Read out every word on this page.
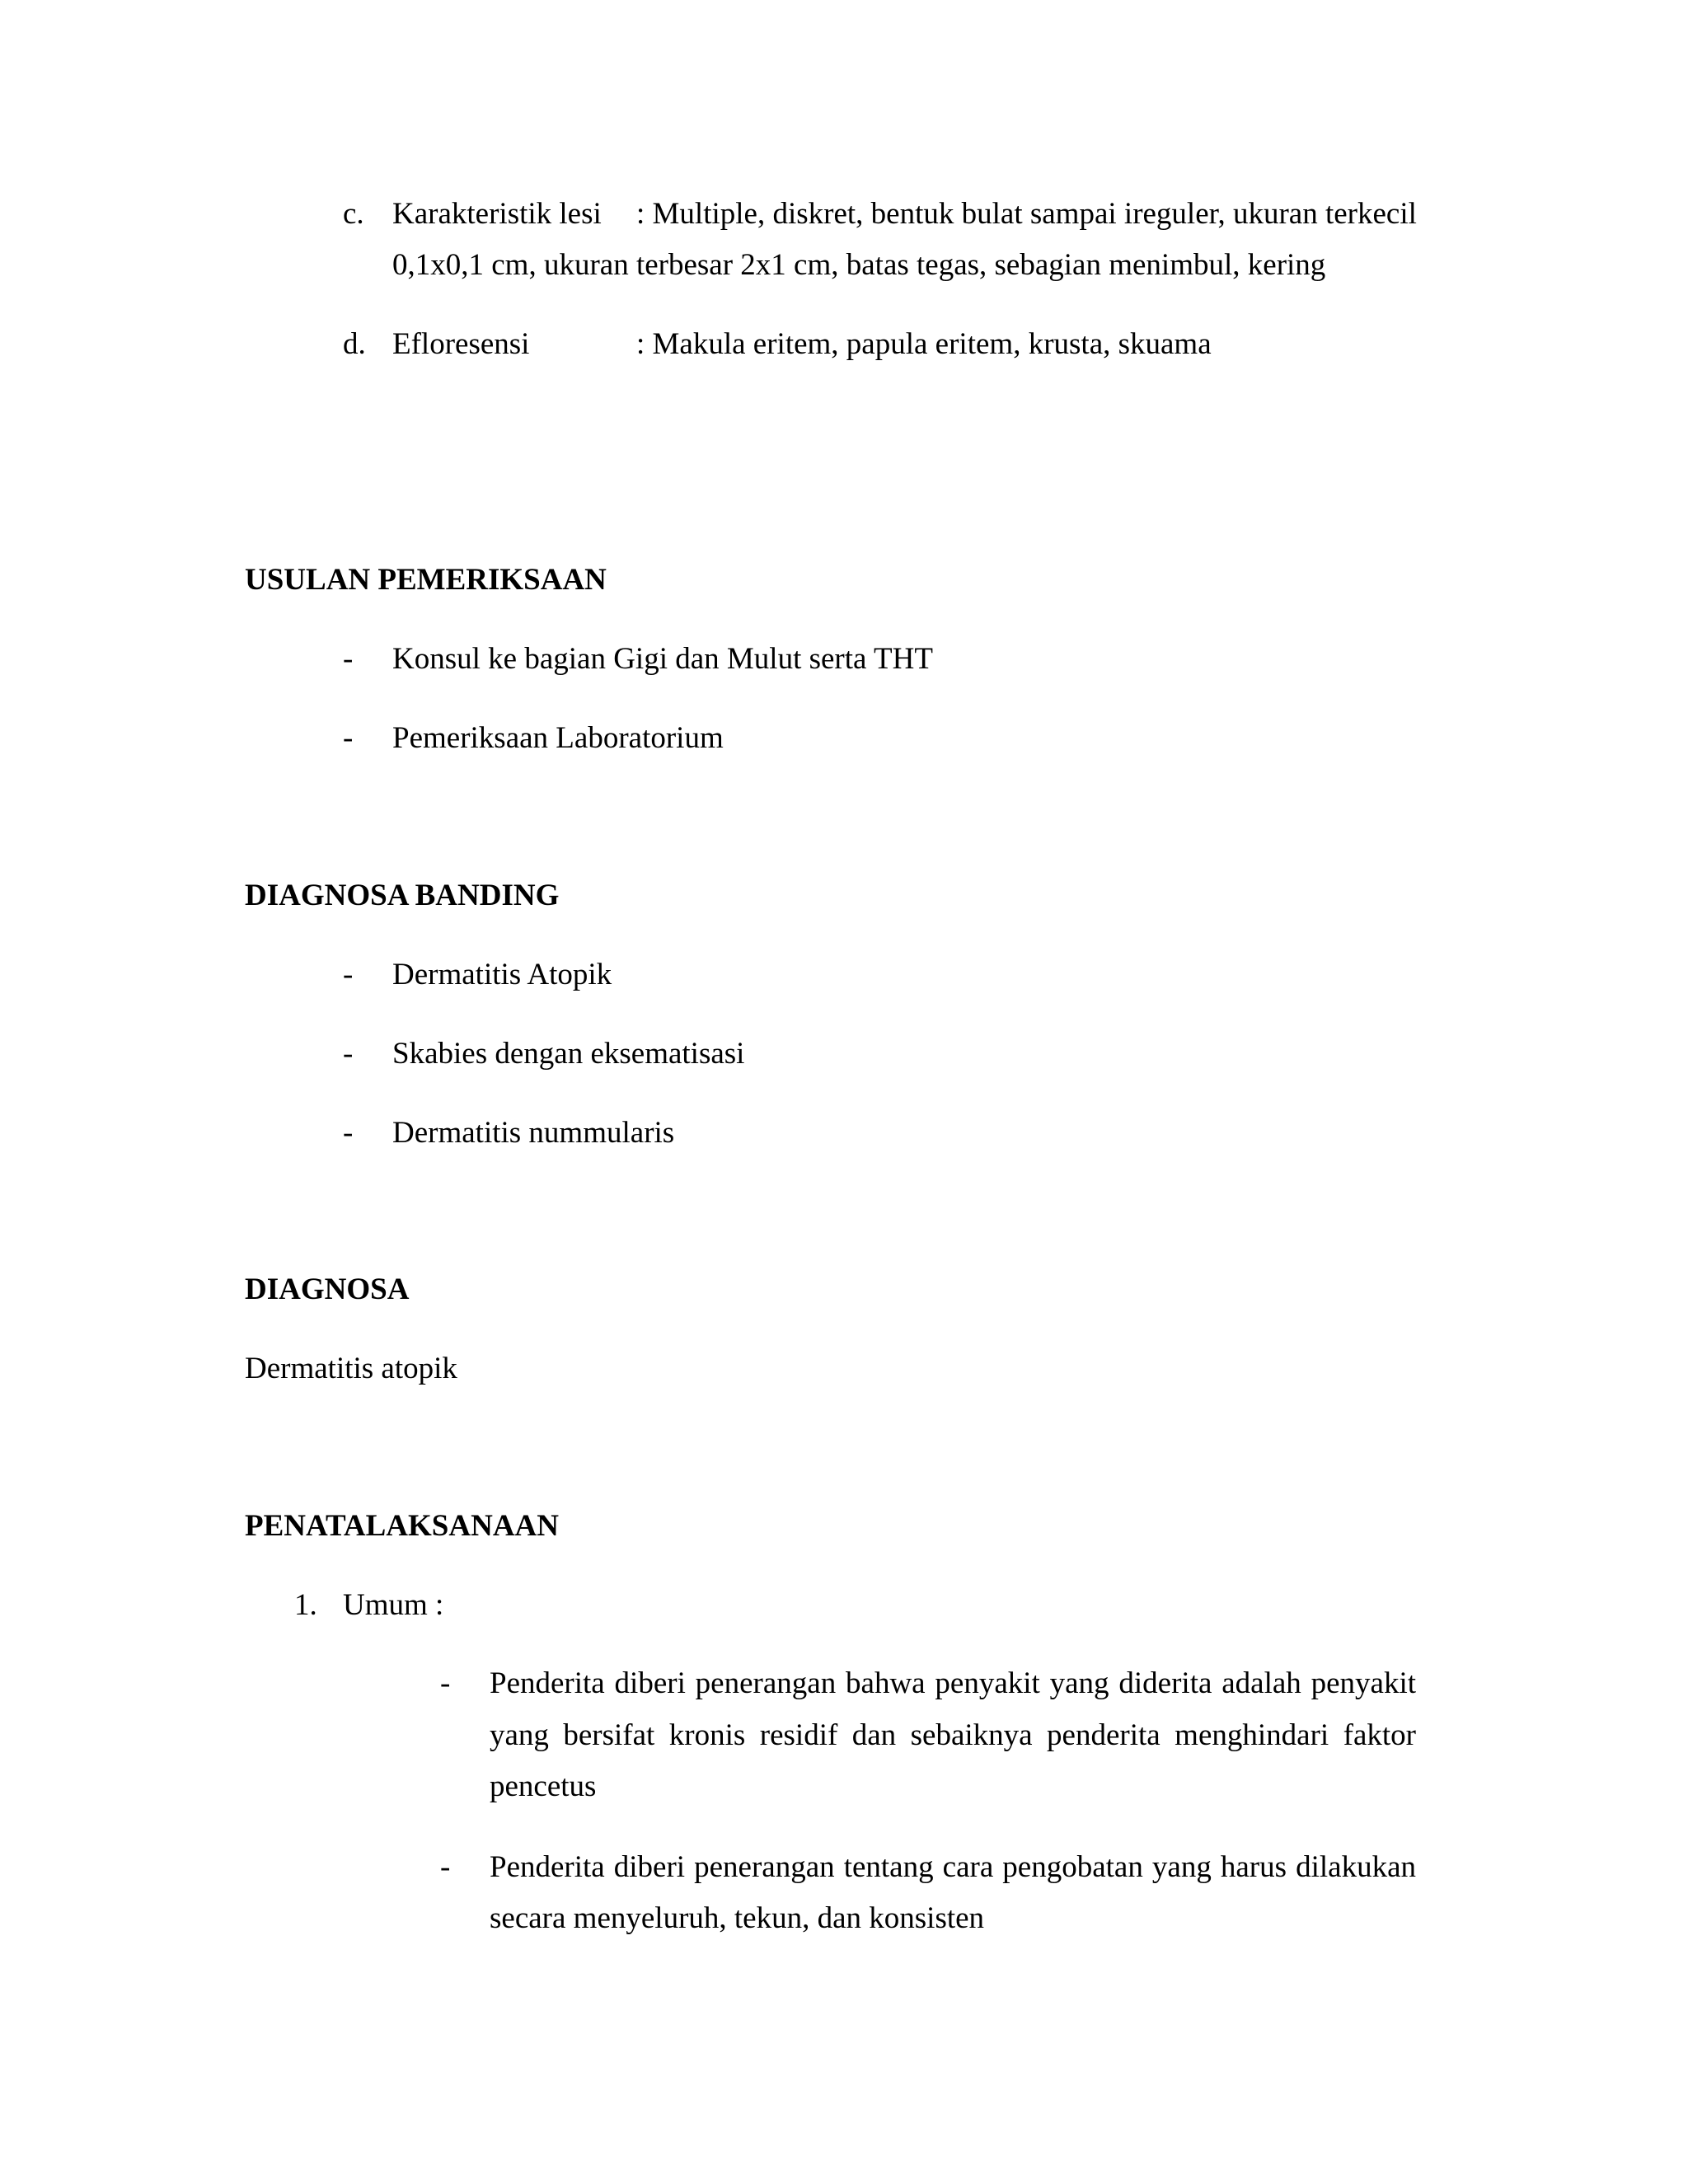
c. Karakteristik lesi : Multiple, diskret, bentuk bulat sampai ireguler, ukuran terkecil
0,1x0,1 cm, ukuran terbesar 2x1 cm, batas tegas, sebagian menimbul, kering
d. Efloresensi	: Makula eritem, papula eritem, krusta, skuama
USULAN PEMERIKSAAN
- Konsul ke bagian Gigi dan Mulut serta THT
- Pemeriksaan Laboratorium
DIAGNOSA BANDING
- Dermatitis Atopik
- Skabies dengan eksematisasi
- Dermatitis nummularis
DIAGNOSA
Dermatitis atopik
PENATALAKSANAAN
1. Umum :
- Penderita diberi penerangan bahwa penyakit yang diderita adalah penyakit
yang bersifat kronis residif dan sebaiknya penderita menghindari faktor
pencetus
- Penderita diberi penerangan tentang cara pengobatan yang harus dilakukan
secara menyeluruh, tekun, dan konsisten
